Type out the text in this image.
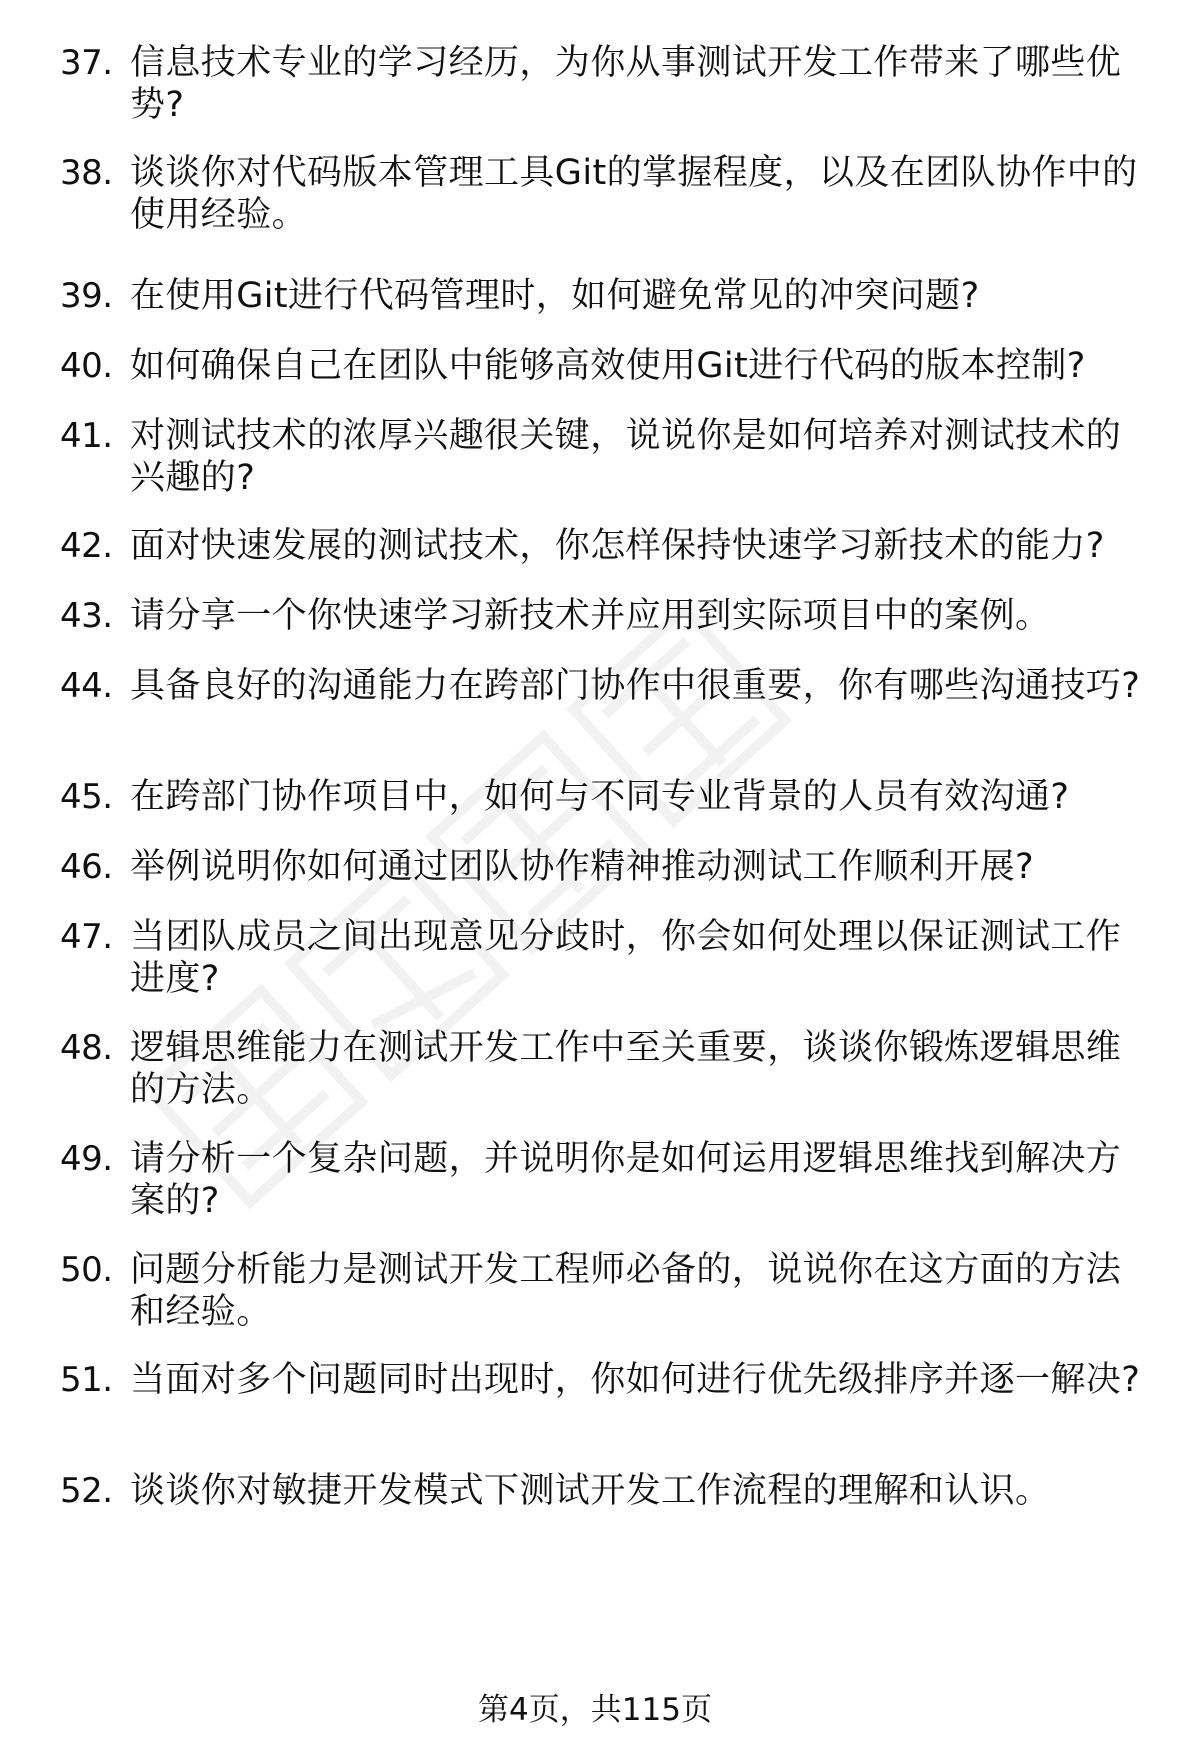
37. 信息技术专业的学习经历，为你从事测试开发工作带来了哪些优势?
38. 谈谈你对代码版本管理工具Git的掌握程度，以及在团队协作中的使用经验。
39. 在使用Git进行代码管理时，如何避免常见的冲突问题?
40. 如何确保自己在团队中能够高效使用Git进行代码的版本控制?
41. 对测试技术的浓厚兴趣很关键，说说你是如何培养对测试技术的兴趣的?
42. 面对快速发展的测试技术，你怎样保持快速学习新技术的能力?
43. 请分享一个你快速学习新技术并应用到实际项目中的案例。
44. 具备良好的沟通能力在跨部门协作中很重要，你有哪些沟通技巧?
45. 在跨部门协作项目中，如何与不同专业背景的人员有效沟通?
46. 举例说明你如何通过团队协作精神推动测试工作顺利开展?
47. 当团队成员之间出现意见分歧时，你会如何处理以保证测试工作进度?
48. 逻辑思维能力在测试开发工作中至关重要，谈谈你锻炼逻辑思维的方法。
49. 请分析一个复杂问题，并说明你是如何运用逻辑思维找到解决方案的?
50. 问题分析能力是测试开发工程师必备的，说说你在这方面的方法和经验。
51. 当面对多个问题同时出现时，你如何进行优先级排序并逐一解决?
52. 谈谈你对敏捷开发模式下测试开发工作流程的理解和认识。
第4页，共115页
